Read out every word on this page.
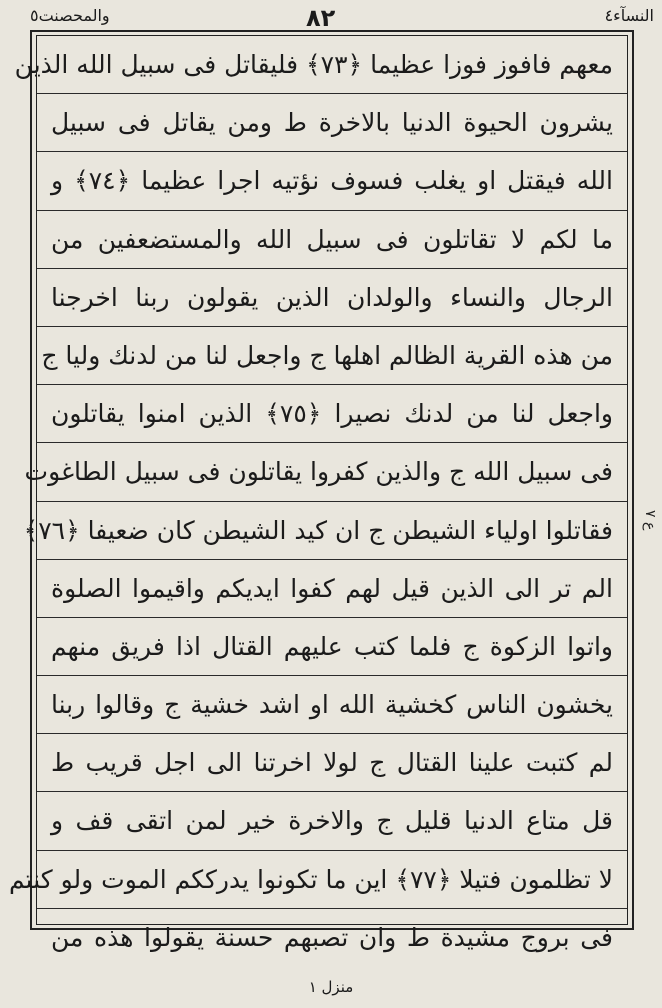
النسآء٤
٨٢
والمحصنت٥
معهم فافوز فوزا عظيما ﴿٧٣﴾ فليقاتل فى سبيل الله الذين
يشرون الحيوة الدنيا بالاخرة ط ومن يقاتل فى سبيل
الله فيقتل او يغلب فسوف نؤتيه اجرا عظيما ﴿٧٤﴾ و
ما لكم لا تقاتلون فى سبيل الله والمستضعفين من
الرجال والنساء والولدان الذين يقولون ربنا اخرجنا
من هذه القرية الظالم اهلها ج واجعل لنا من لدنك وليا ج
واجعل لنا من لدنك نصيرا ﴿٧٥﴾ الذين امنوا يقاتلون
فى سبيل الله ج والذين كفروا يقاتلون فى سبيل الطاغوت
فقاتلوا اولياء الشيطن ج ان كيد الشيطن كان ضعيفا ﴿٧٦﴾
الم تر الى الذين قيل لهم كفوا ايديكم واقيموا الصلوة
واتوا الزكوة ج فلما كتب عليهم القتال اذا فريق منهم
يخشون الناس كخشية الله او اشد خشية ج وقالوا ربنا
لم كتبت علينا القتال ج لولا اخرتنا الى اجل قريب ط
قل متاع الدنيا قليل ج والاخرة خير لمن اتقى قف و
لا تظلمون فتيلا ﴿٧٧﴾ اين ما تكونوا يدرككم الموت ولو كنتم
فى بروج مشيدة ط وان تصبهم حسنة يقولوا هذه من
ع ٧
منزل ١
